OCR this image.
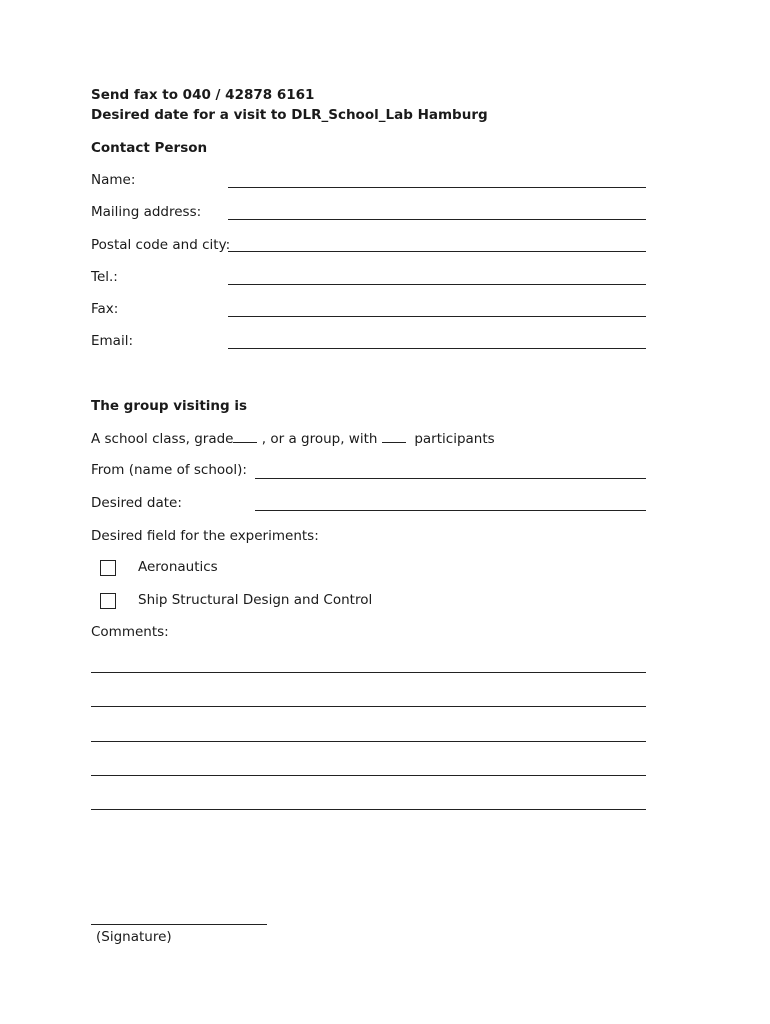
Send fax to 040 / 42878 6161
Desired date for a visit to DLR_School_Lab Hamburg
Contact Person
Name:
Mailing address:
Postal code and city:
Tel.:
Fax:
Email:
The group visiting is
A school class, grade , or a group, with	participants
From (name of school):
Desired date:
Desired field for the experiments:
Aeronautics
Ship Structural Design and Control
Comments:
(Signature)
